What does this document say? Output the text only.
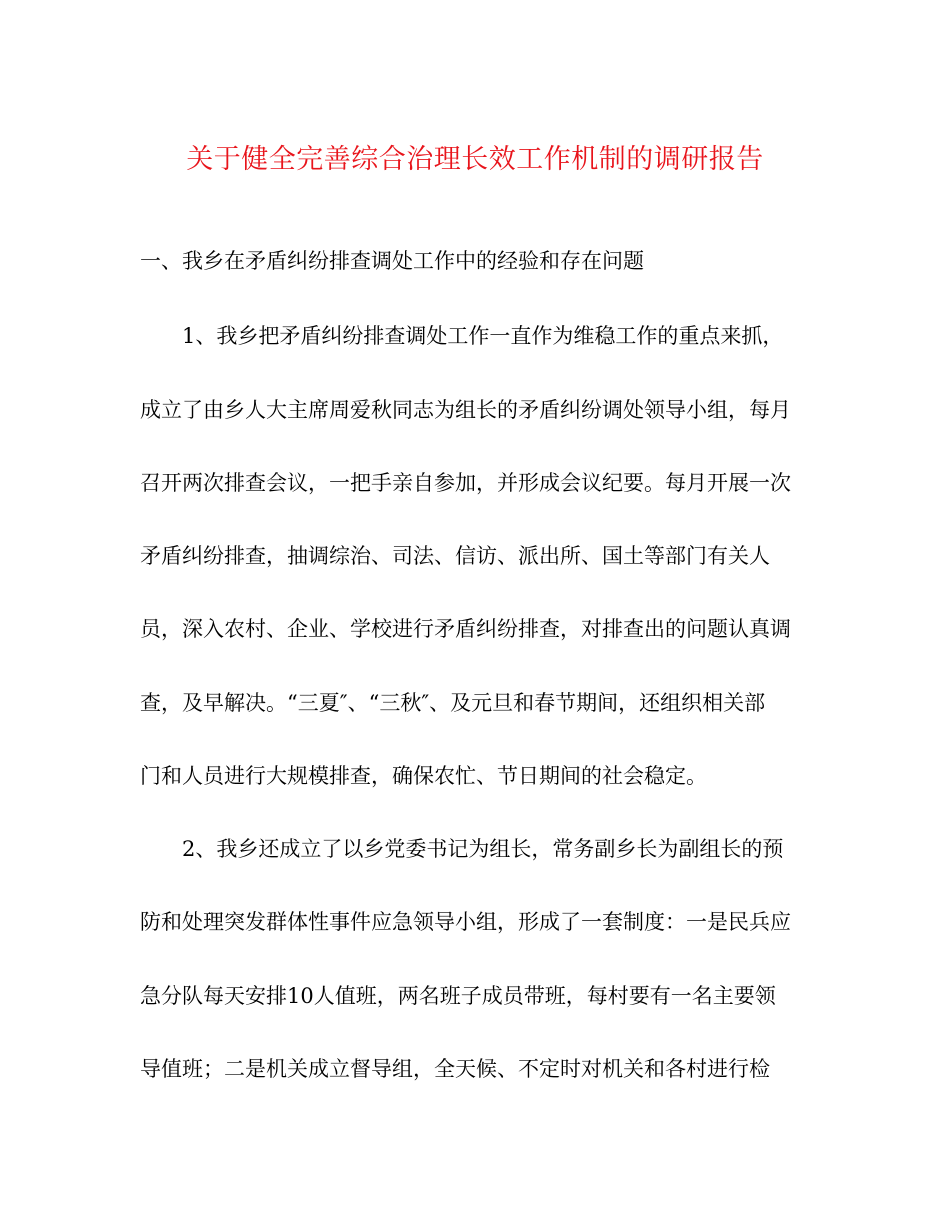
关于健全完善综合治理长效工作机制的调研报告
一、我乡在矛盾纠纷排查调处工作中的经验和存在问题

1、我乡把矛盾纠纷排查调处工作一直作为维稳工作的重点来抓，

成立了由乡人大主席周爱秋同志为组长的矛盾纠纷调处领导小组，每月

召开两次排查会议，一把手亲自参加，并形成会议纪要。每月开展一次

矛盾纠纷排查，抽调综治、司法、信访、派出所、国土等部门有关人

员，深入农村、企业、学校进行矛盾纠纷排查，对排查出的问题认真调

查，及早解决。“三夏″、“三秋″、及元旦和春节期间，还组织相关部

门和人员进行大规模排查，确保农忙、节日期间的社会稳定。

2、我乡还成立了以乡党委书记为组长，常务副乡长为副组长的预

防和处理突发群体性事件应急领导小组，形成了一套制度：一是民兵应

急分队每天安排10人值班，两名班子成员带班，每村要有一名主要领

导值班；二是机关成立督导组，全天候、不定时对机关和各村进行检
